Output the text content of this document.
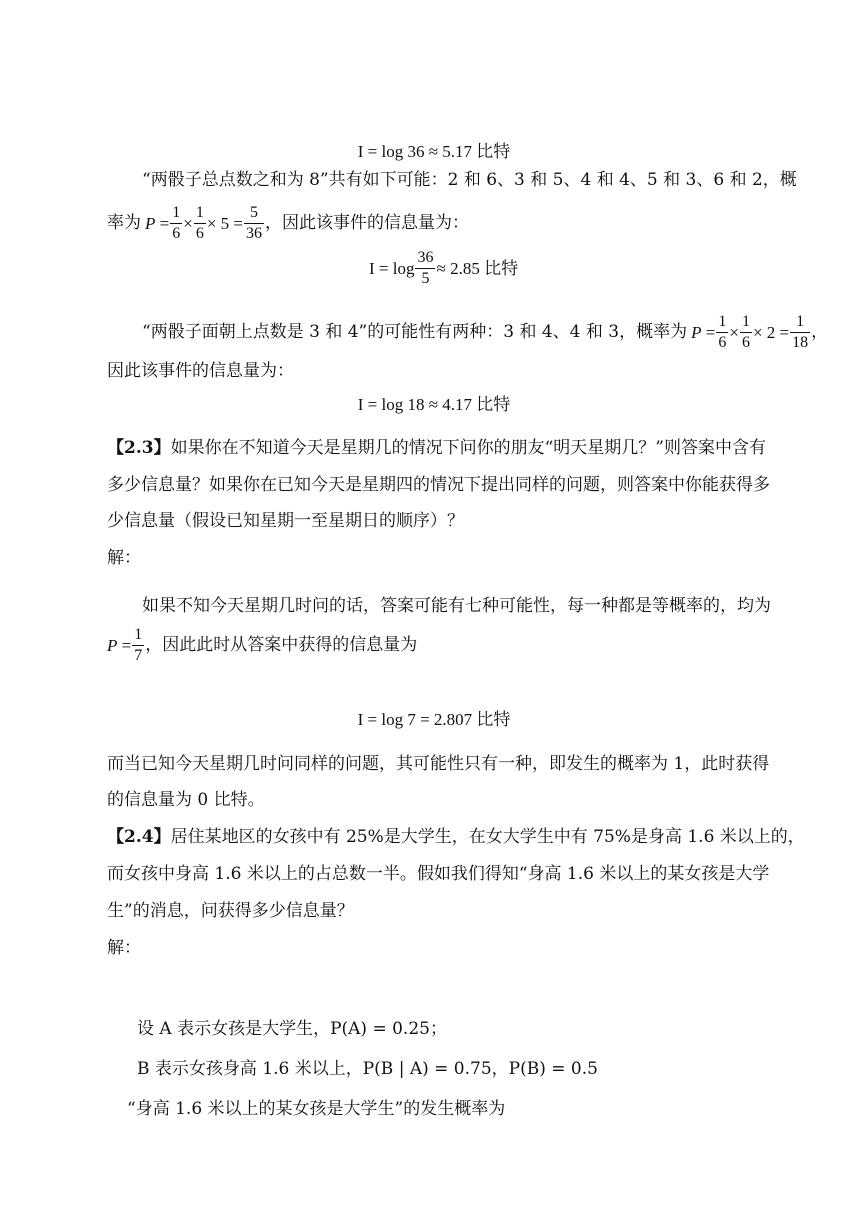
I = log 36 ≈ 5.17 比特
“两骰子总点数之和为 8”共有如下可能：2 和 6、3 和 5、4 和 4、5 和 3、6 和 2，概
率为 $P = \frac{1}{6} \times \frac{1}{6} \times 5 = \frac{5}{36}$ ，因此该事件的信息量为：
$I = \log \frac{36}{5} \approx 2.85$ 比特
“两骰子面朝上点数是 3 和 4”的可能性有两种：3 和 4、4 和 3，概率为 $P = \frac{1}{6} \times \frac{1}{6} \times 2 = \frac{1}{18}$ ，
因此该事件的信息量为：
I = log 18 ≈ 4.17 比特
【2.3】如果你在不知道今天是星期几的情况下问你的朋友“明天星期几？”则答案中含有
多少信息量？如果你在已知今天是星期四的情况下提出同样的问题，则答案中你能获得多
少信息量（假设已知星期一至星期日的顺序）？
解：
如果不知今天星期几时问的话，答案可能有七种可能性，每一种都是等概率的，均为
$P = \frac{1}{7}$ ，因此此时从答案中获得的信息量为
I = log 7 = 2.807 比特
而当已知今天星期几时问同样的问题，其可能性只有一种，即发生的概率为 1，此时获得
的信息量为 0 比特。
【2.4】居住某地区的女孩中有 25%是大学生，在女大学生中有 75%是身高 1.6 米以上的，
而女孩中身高 1.6 米以上的占总数一半。假如我们得知“身高 1.6 米以上的某女孩是大学
生”的消息，问获得多少信息量？
解：
设 A 表示女孩是大学生，P(A) = 0.25；
B 表示女孩身高 1.6 米以上，P(B | A) = 0.75，P(B) = 0.5
“身高 1.6 米以上的某女孩是大学生”的发生概率为
